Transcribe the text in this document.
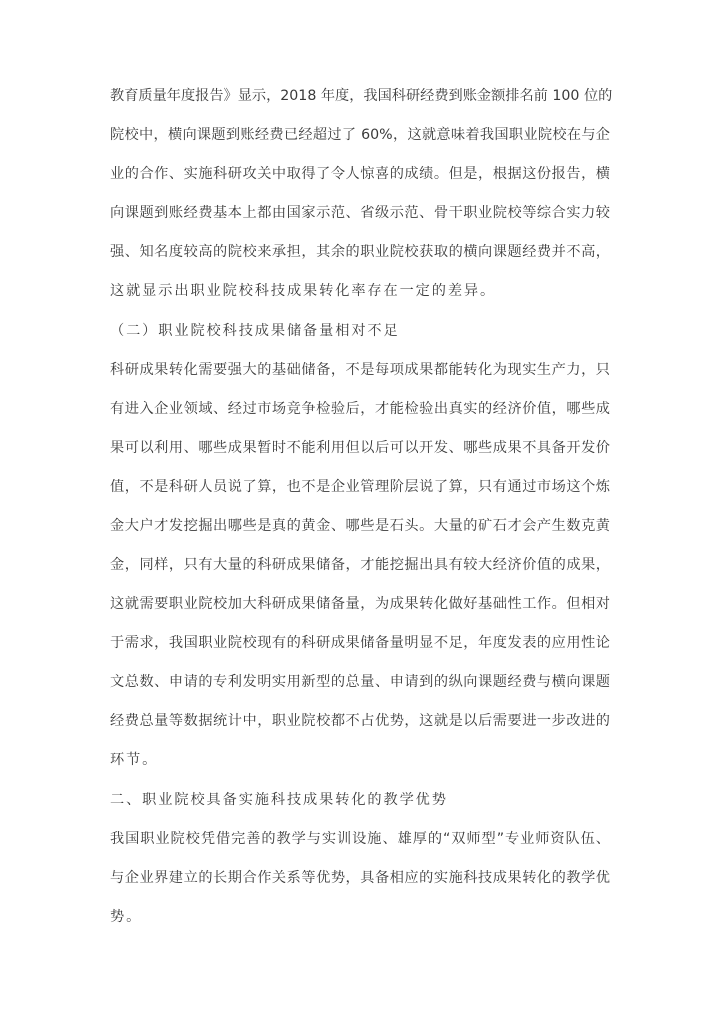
教育质量年度报告》显示，2018 年度，我国科研经费到账金额排名前 100 位的
院校中，横向课题到账经费已经超过了 60%，这就意味着我国职业院校在与企
业的合作、实施科研攻关中取得了令人惊喜的成绩。但是，根据这份报告，横
向课题到账经费基本上都由国家示范、省级示范、骨干职业院校等综合实力较
强、知名度较高的院校来承担，其余的职业院校获取的横向课题经费并不高，
这就显示出职业院校科技成果转化率存在一定的差异。
（二）职业院校科技成果储备量相对不足
科研成果转化需要强大的基础储备，不是每项成果都能转化为现实生产力，只
有进入企业领域、经过市场竞争检验后，才能检验出真实的经济价值，哪些成
果可以利用、哪些成果暂时不能利用但以后可以开发、哪些成果不具备开发价
值，不是科研人员说了算，也不是企业管理阶层说了算，只有通过市场这个炼
金大户才发挖掘出哪些是真的黄金、哪些是石头。大量的矿石才会产生数克黄
金，同样，只有大量的科研成果储备，才能挖掘出具有较大经济价值的成果，
这就需要职业院校加大科研成果储备量，为成果转化做好基础性工作。但相对
于需求，我国职业院校现有的科研成果储备量明显不足，年度发表的应用性论
文总数、申请的专利发明实用新型的总量、申请到的纵向课题经费与横向课题
经费总量等数据统计中，职业院校都不占优势，这就是以后需要进一步改进的
环节。
二、职业院校具备实施科技成果转化的教学优势
我国职业院校凭借完善的教学与实训设施、雄厚的“双师型”专业师资队伍、
与企业界建立的长期合作关系等优势，具备相应的实施科技成果转化的教学优
势。
